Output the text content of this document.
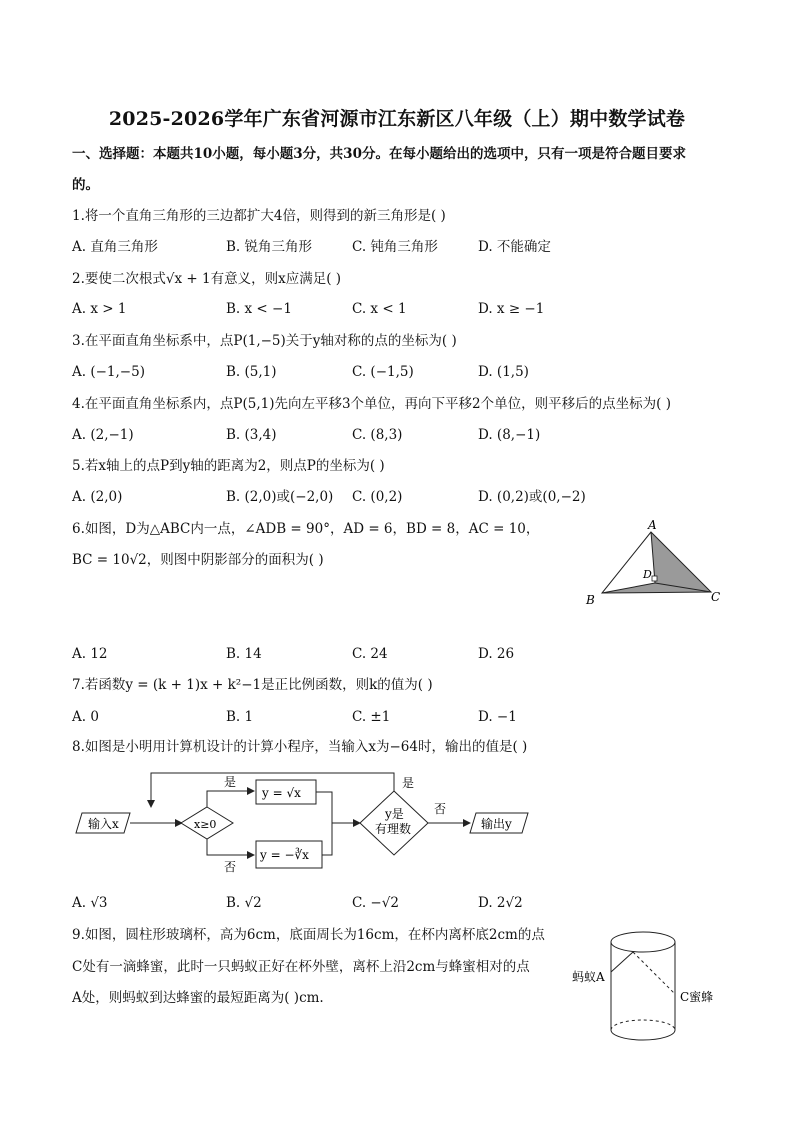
2025-2026学年广东省河源市江东新区八年级（上）期中数学试卷
一、选择题：本题共10小题，每小题3分，共30分。在每小题给出的选项中，只有一项是符合题目要求
的。
1.将一个直角三角形的三边都扩大4倍，则得到的新三角形是( )
A. 直角三角形	B. 锐角三角形	C. 钝角三角形	D. 不能确定
2.要使二次根式√x + 1有意义，则x应满足( )
A. x > 1	B. x < −1	C. x < 1	D. x ≥ −1
3.在平面直角坐标系中，点P(1,−5)关于y轴对称的点的坐标为( )
A. (−1,−5)	B. (5,1)	C. (−1,5)	D. (1,5)
4.在平面直角坐标系内，点P(5,1)先向左平移3个单位，再向下平移2个单位，则平移后的点坐标为( )
A. (2,−1)	B. (3,4)	C. (8,3)	D. (8,−1)
5.若x轴上的点P到y轴的距离为2，则点P的坐标为( )
A. (2,0)	B. (2,0)或(−2,0) C. (0,2)	D. (0,2)或(0,−2)
6.如图，D为△ABC内一点，∠ADB = 90°，AD = 6，BD = 8，AC = 10，
BC = 10√2，则图中阴影部分的面积为( )
A
B	C
D
A. 12	B. 14	C. 24	D. 26
7.若函数y = (k + 1)x + k²−1是正比例函数，则k的值为( )
A. 0	B. 1	C. ±1	D. −1
8.如图是小明用计算机设计的计算小程序，当输入x为−64时，输出的值是( )
输入x	x≥0
是
y = √x
否
y = −∛x
y是
有理数
是
否
输出y
A. √3	B. √2	C. −√2	D. 2√2
9.如图，圆柱形玻璃杯，高为6cm，底面周长为16cm，在杯内离杯底2cm的点
C处有一滴蜂蜜，此时一只蚂蚁正好在杯外壁，离杯上沿2cm与蜂蜜相对的点
A处，则蚂蚁到达蜂蜜的最短距离为( )cm.
蚂蚁A
C蜜蜂
